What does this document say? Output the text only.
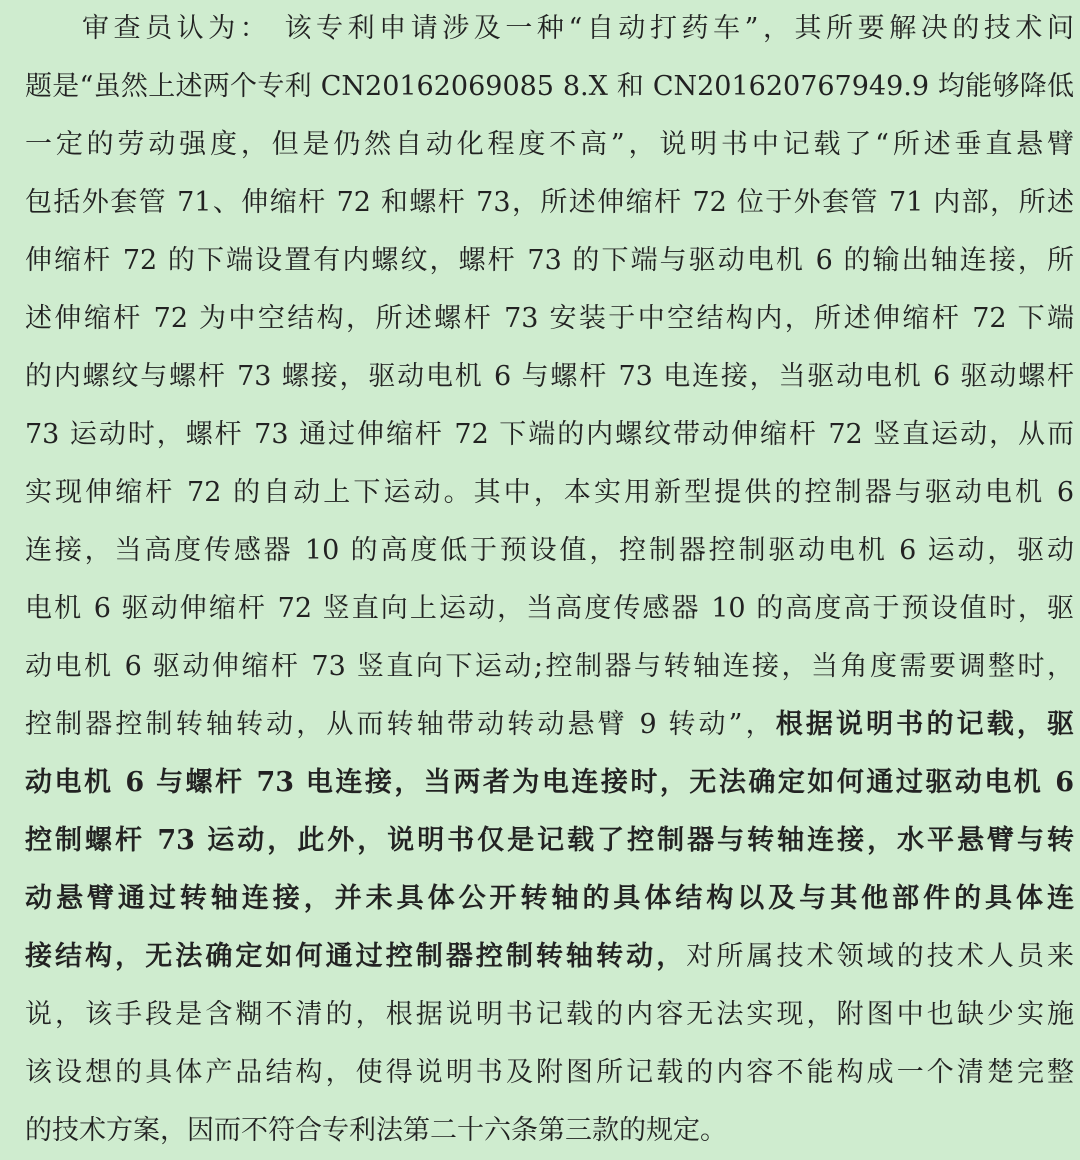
审查员认为： 该专利申请涉及一种“自动打药车”，其所要解决的技术问
题是“虽然上述两个专利 CN20162069085 8.X 和 CN201620767949.9 均能够降低
一定的劳动强度，但是仍然自动化程度不高”，说明书中记载了“所述垂直悬臂
包括外套管 71、伸缩杆 72 和螺杆 73，所述伸缩杆 72 位于外套管 71 内部，所述
伸缩杆 72 的下端设置有内螺纹，螺杆 73 的下端与驱动电机 6 的输出轴连接，所
述伸缩杆 72 为中空结构，所述螺杆 73 安装于中空结构内，所述伸缩杆 72 下端
的内螺纹与螺杆 73 螺接，驱动电机 6 与螺杆 73 电连接，当驱动电机 6 驱动螺杆
73 运动时，螺杆 73 通过伸缩杆 72 下端的内螺纹带动伸缩杆 72 竖直运动，从而
实现伸缩杆 72 的自动上下运动。其中，本实用新型提供的控制器与驱动电机 6
连接，当高度传感器 10 的高度低于预设值，控制器控制驱动电机 6 运动，驱动
电机 6 驱动伸缩杆 72 竖直向上运动，当高度传感器 10 的高度高于预设值时，驱
动电机 6 驱动伸缩杆 73 竖直向下运动;控制器与转轴连接，当角度需要调整时，
控制器控制转轴转动，从而转轴带动转动悬臂 9 转动”，根据说明书的记载，驱
动电机 6 与螺杆 73 电连接，当两者为电连接时，无法确定如何通过驱动电机 6
控制螺杆 73 运动，此外，说明书仅是记载了控制器与转轴连接，水平悬臂与转
动悬臂通过转轴连接，并未具体公开转轴的具体结构以及与其他部件的具体连
接结构，无法确定如何通过控制器控制转轴转动，对所属技术领域的技术人员来
说，该手段是含糊不清的，根据说明书记载的内容无法实现，附图中也缺少实施
该设想的具体产品结构，使得说明书及附图所记载的内容不能构成一个清楚完整
的技术方案，因而不符合专利法第二十六条第三款的规定。
